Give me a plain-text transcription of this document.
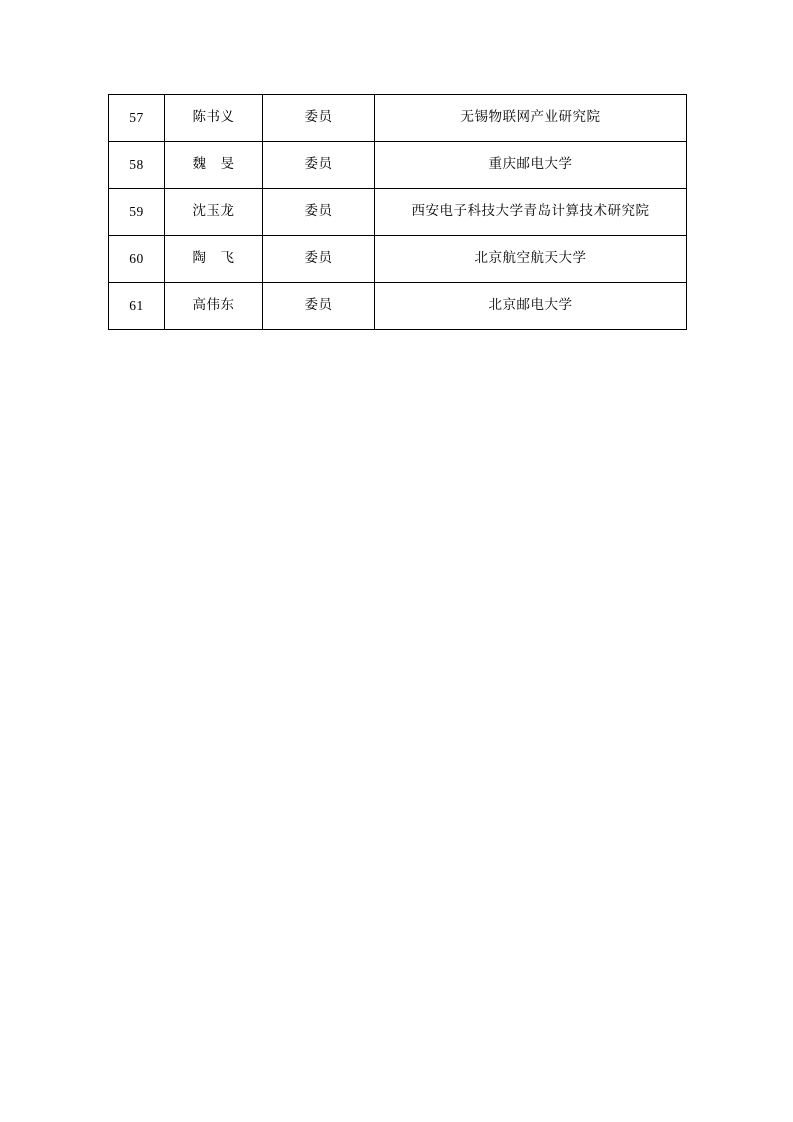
57	陈书义	委员	无锡物联网产业研究院
58	魏　旻	委员	重庆邮电大学
59	沈玉龙	委员	西安电子科技大学青岛计算技术研究院
60	陶　飞	委员	北京航空航天大学
61	高伟东	委员	北京邮电大学
